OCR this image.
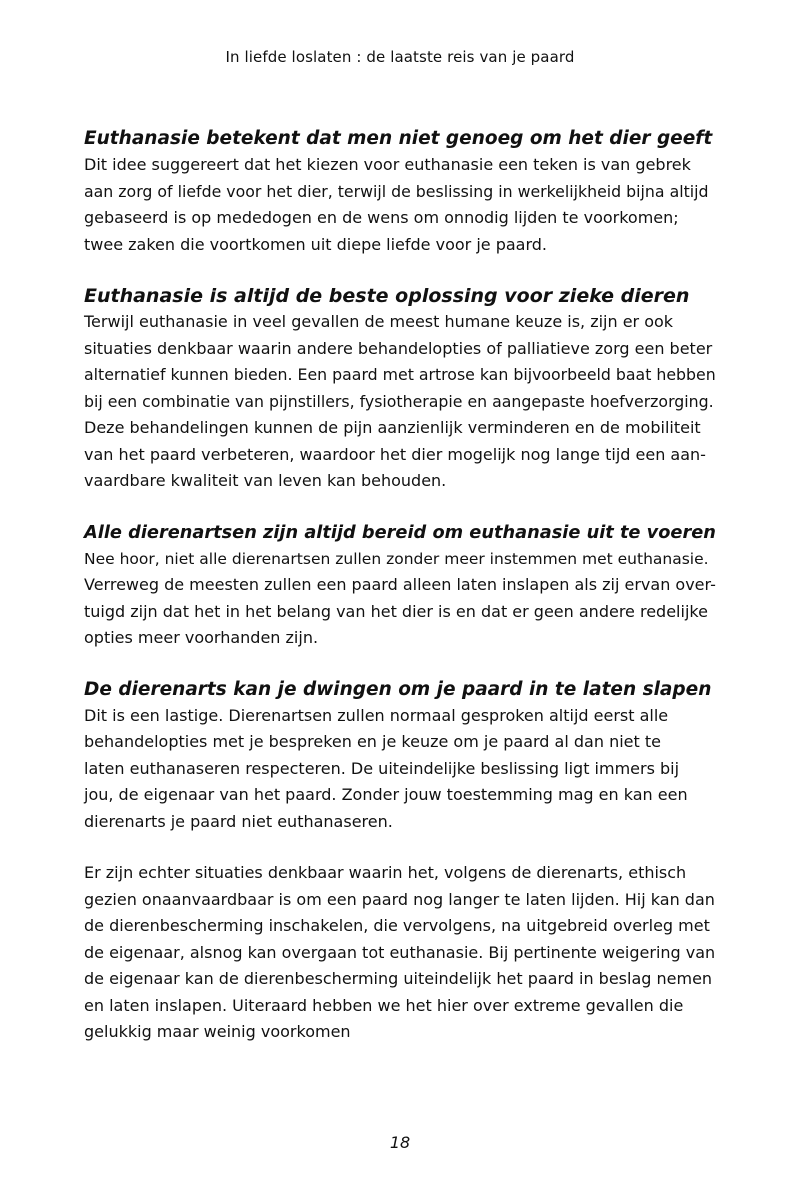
In liefde loslaten : de laatste reis van je paard
Euthanasie betekent dat men niet genoeg om het dier geeft

Dit idee suggereert dat het kiezen voor euthanasie een teken is van gebrek
aan zorg of liefde voor het dier, terwijl de beslissing in werkelijkheid bijna altijd
gebaseerd is op mededogen en de wens om onnodig lijden te voorkomen;
twee zaken die voortkomen uit diepe liefde voor je paard.

Euthanasie is altijd de beste oplossing voor zieke dieren

Terwijl euthanasie in veel gevallen de meest humane keuze is, zijn er ook
situaties denkbaar waarin andere behandelopties of palliatieve zorg een beter
alternatief kunnen bieden. Een paard met artrose kan bijvoorbeeld baat hebben
bij een combinatie van pijnstillers, fysiotherapie en aangepaste hoefverzorging.
Deze behandelingen kunnen de pijn aanzienlijk verminderen en de mobiliteit
van het paard verbeteren, waardoor het dier mogelijk nog lange tijd een aan-
vaardbare kwaliteit van leven kan behouden.

Alle dierenartsen zijn altijd bereid om euthanasie uit te voeren

Nee hoor, niet alle dierenartsen zullen zonder meer instemmen met euthanasie.
Verreweg de meesten zullen een paard alleen laten inslapen als zij ervan over-
tuigd zijn dat het in het belang van het dier is en dat er geen andere redelijke
opties meer voorhanden zijn.

De dierenarts kan je dwingen om je paard in te laten slapen

Dit is een lastige. Dierenartsen zullen normaal gesproken altijd eerst alle
behandelopties met je bespreken en je keuze om je paard al dan niet te
laten euthanaseren respecteren. De uiteindelijke beslissing ligt immers bij
jou, de eigenaar van het paard. Zonder jouw toestemming mag en kan een
dierenarts je paard niet euthanaseren.

Er zijn echter situaties denkbaar waarin het, volgens de dierenarts, ethisch
gezien onaanvaardbaar is om een paard nog langer te laten lijden. Hij kan dan
de dierenbescherming inschakelen, die vervolgens, na uitgebreid overleg met
de eigenaar, alsnog kan overgaan tot euthanasie. Bij pertinente weigering van
de eigenaar kan de dierenbescherming uiteindelijk het paard in beslag nemen
en laten inslapen. Uiteraard hebben we het hier over extreme gevallen die
gelukkig maar weinig voorkomen

18
